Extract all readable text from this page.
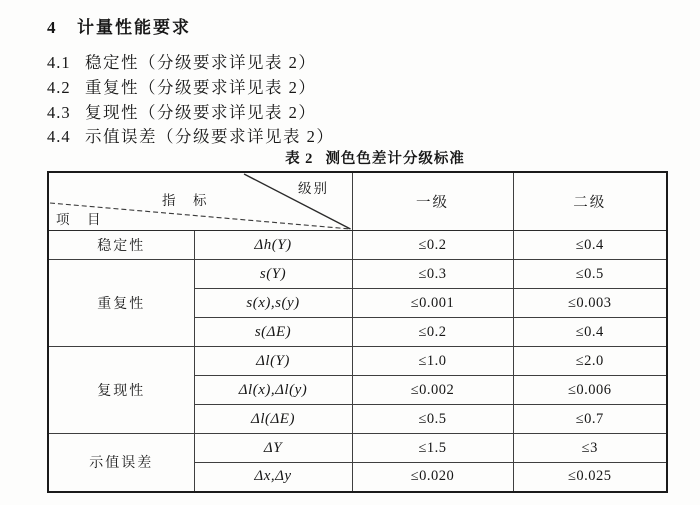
4 计量性能要求
4.1 稳定性（分级要求详见表 2）
4.2 重复性（分级要求详见表 2）
4.3 复现性（分级要求详见表 2）
4.4 示值误差（分级要求详见表 2）
表 2 测色色差计分级标准
级别
指　标
项　目		一级	二级
稳定性	Δh(Y)	≤0.2	≤0.4
重复性	s(Y)	≤0.3	≤0.5
	s(x),s(y)	≤0.001	≤0.003
	s(ΔE)	≤0.2	≤0.4
复现性	Δl(Y)	≤1.0	≤2.0
	Δl(x),Δl(y)	≤0.002	≤0.006
	Δl(ΔE)	≤0.5	≤0.7
示值误差	ΔY	≤1.5	≤3
	Δx,Δy	≤0.020	≤0.025
